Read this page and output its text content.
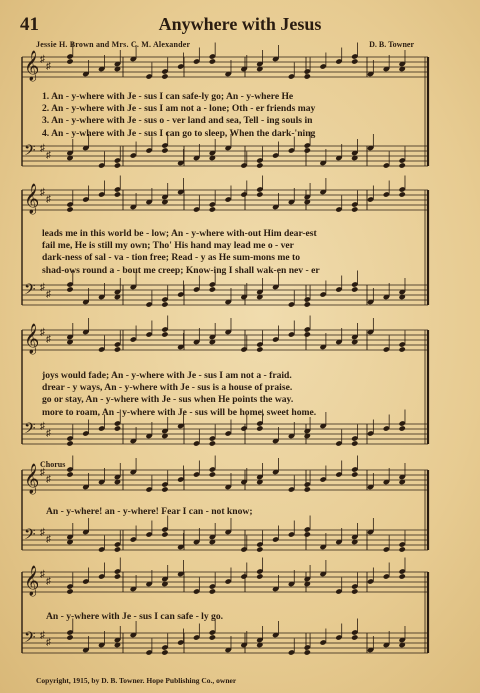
41	Anywhere with Jesus
Jessie H. Brown and Mrs. C. M. Alexander	D. B. Towner
𝄞 ♯
♯
𝄢 ♯
♯
𝄞 ♯
♯
𝄢 ♯
♯
𝄞 ♯
♯
𝄢 ♯
♯
𝄞 ♯
♯
𝄢 ♯
♯
𝄞 ♯
♯
𝄢 ♯
♯
1. An - y-where with Je - sus I can safe-ly go; An - y-where He
2. An - y-where with Je - sus I am not a - lone; Oth - er friends may
3. An - y-where with Je - sus o - ver land and sea, Tell - ing souls in
4. An - y-where with Je - sus I can go to sleep, When the dark-'ning
leads me in this world be - low; An - y-where with-out Him dear-est
fail me, He is still my own; Tho' His hand may lead me o - ver
dark-ness of sal - va - tion free; Read - y as He sum-mons me to
shad-ows round a - bout me creep; Know-ing I shall wak-en nev - er
joys would fade; An - y-where with Je - sus I am not a - fraid.
drear - y ways, An - y-where with Je - sus is a house of praise.
go or stay, An - y-where with Je - sus when He points the way.
more to roam, An - y-where with Je - sus will be home, sweet home.
Chorus
An - y-where! an - y-where! Fear I can - not know;
An - y-where with Je - sus I can safe - ly go.
Copyright, 1915, by D. B. Towner. Hope Publishing Co., owner
